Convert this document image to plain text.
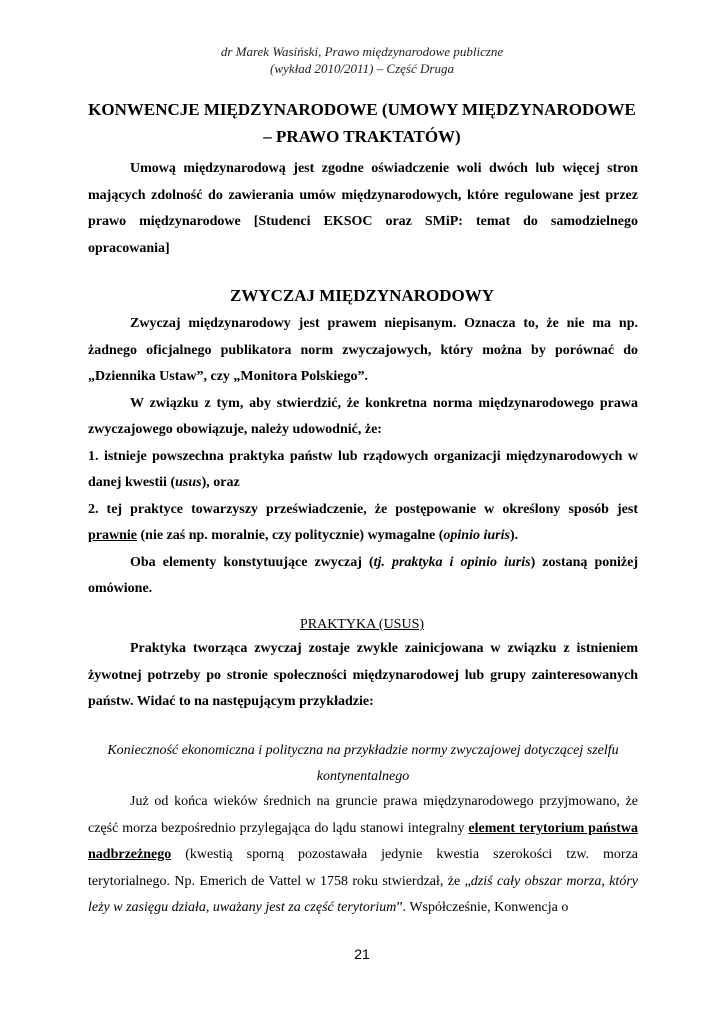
dr Marek Wasiński, Prawo międzynarodowe publiczne
(wykład 2010/2011) – Część Druga
KONWENCJE MIĘDZYNARODOWE (UMOWY MIĘDZYNARODOWE
– PRAWO TRAKTATÓW)
Umową międzynarodową jest zgodne oświadczenie woli dwóch lub więcej stron mających zdolność do zawierania umów międzynarodowych, które regulowane jest przez prawo międzynarodowe [Studenci EKSOC oraz SMiP: temat do samodzielnego opracowania]
ZWYCZAJ MIĘDZYNARODOWY
Zwyczaj międzynarodowy jest prawem niepisanym. Oznacza to, że nie ma np. żadnego oficjalnego publikatora norm zwyczajowych, który można by porównać do „Dziennika Ustaw”, czy „Monitora Polskiego”.
W związku z tym, aby stwierdzić, że konkretna norma międzynarodowego prawa zwyczajowego obowiązuje, należy udowodnić, że:
1. istnieje powszechna praktyka państw lub rządowych organizacji międzynarodowych w danej kwestii (usus), oraz
2. tej praktyce towarzyszy przeświadczenie, że postępowanie w określony sposób jest prawnie (nie zaś np. moralnie, czy politycznie) wymagalne (opinio iuris).
Oba elementy konstytuujące zwyczaj (tj. praktyka i opinio iuris) zostaną poniżej omówione.
PRAKTYKA (USUS)
Praktyka tworząca zwyczaj zostaje zwykle zainicjowana w związku z istnieniem żywotnej potrzeby po stronie społeczności międzynarodowej lub grupy zainteresowanych państw. Widać to na następującym przykładzie:
Konieczność ekonomiczna i polityczna na przykładzie normy zwyczajowej dotyczącej szelfu kontynentalnego
Już od końca wieków średnich na gruncie prawa międzynarodowego przyjmowano, że część morza bezpośrednio przylegająca do lądu stanowi integralny element terytorium państwa nadbrzeżnego (kwestią sporną pozostawała jedynie kwestia szerokości tzw. morza terytorialnego. Np. Emerich de Vattel w 1758 roku stwierdzał, że „dziś cały obszar morza, który leży w zasięgu działa, uważany jest za część terytorium”. Współcześnie, Konwencja o
21
